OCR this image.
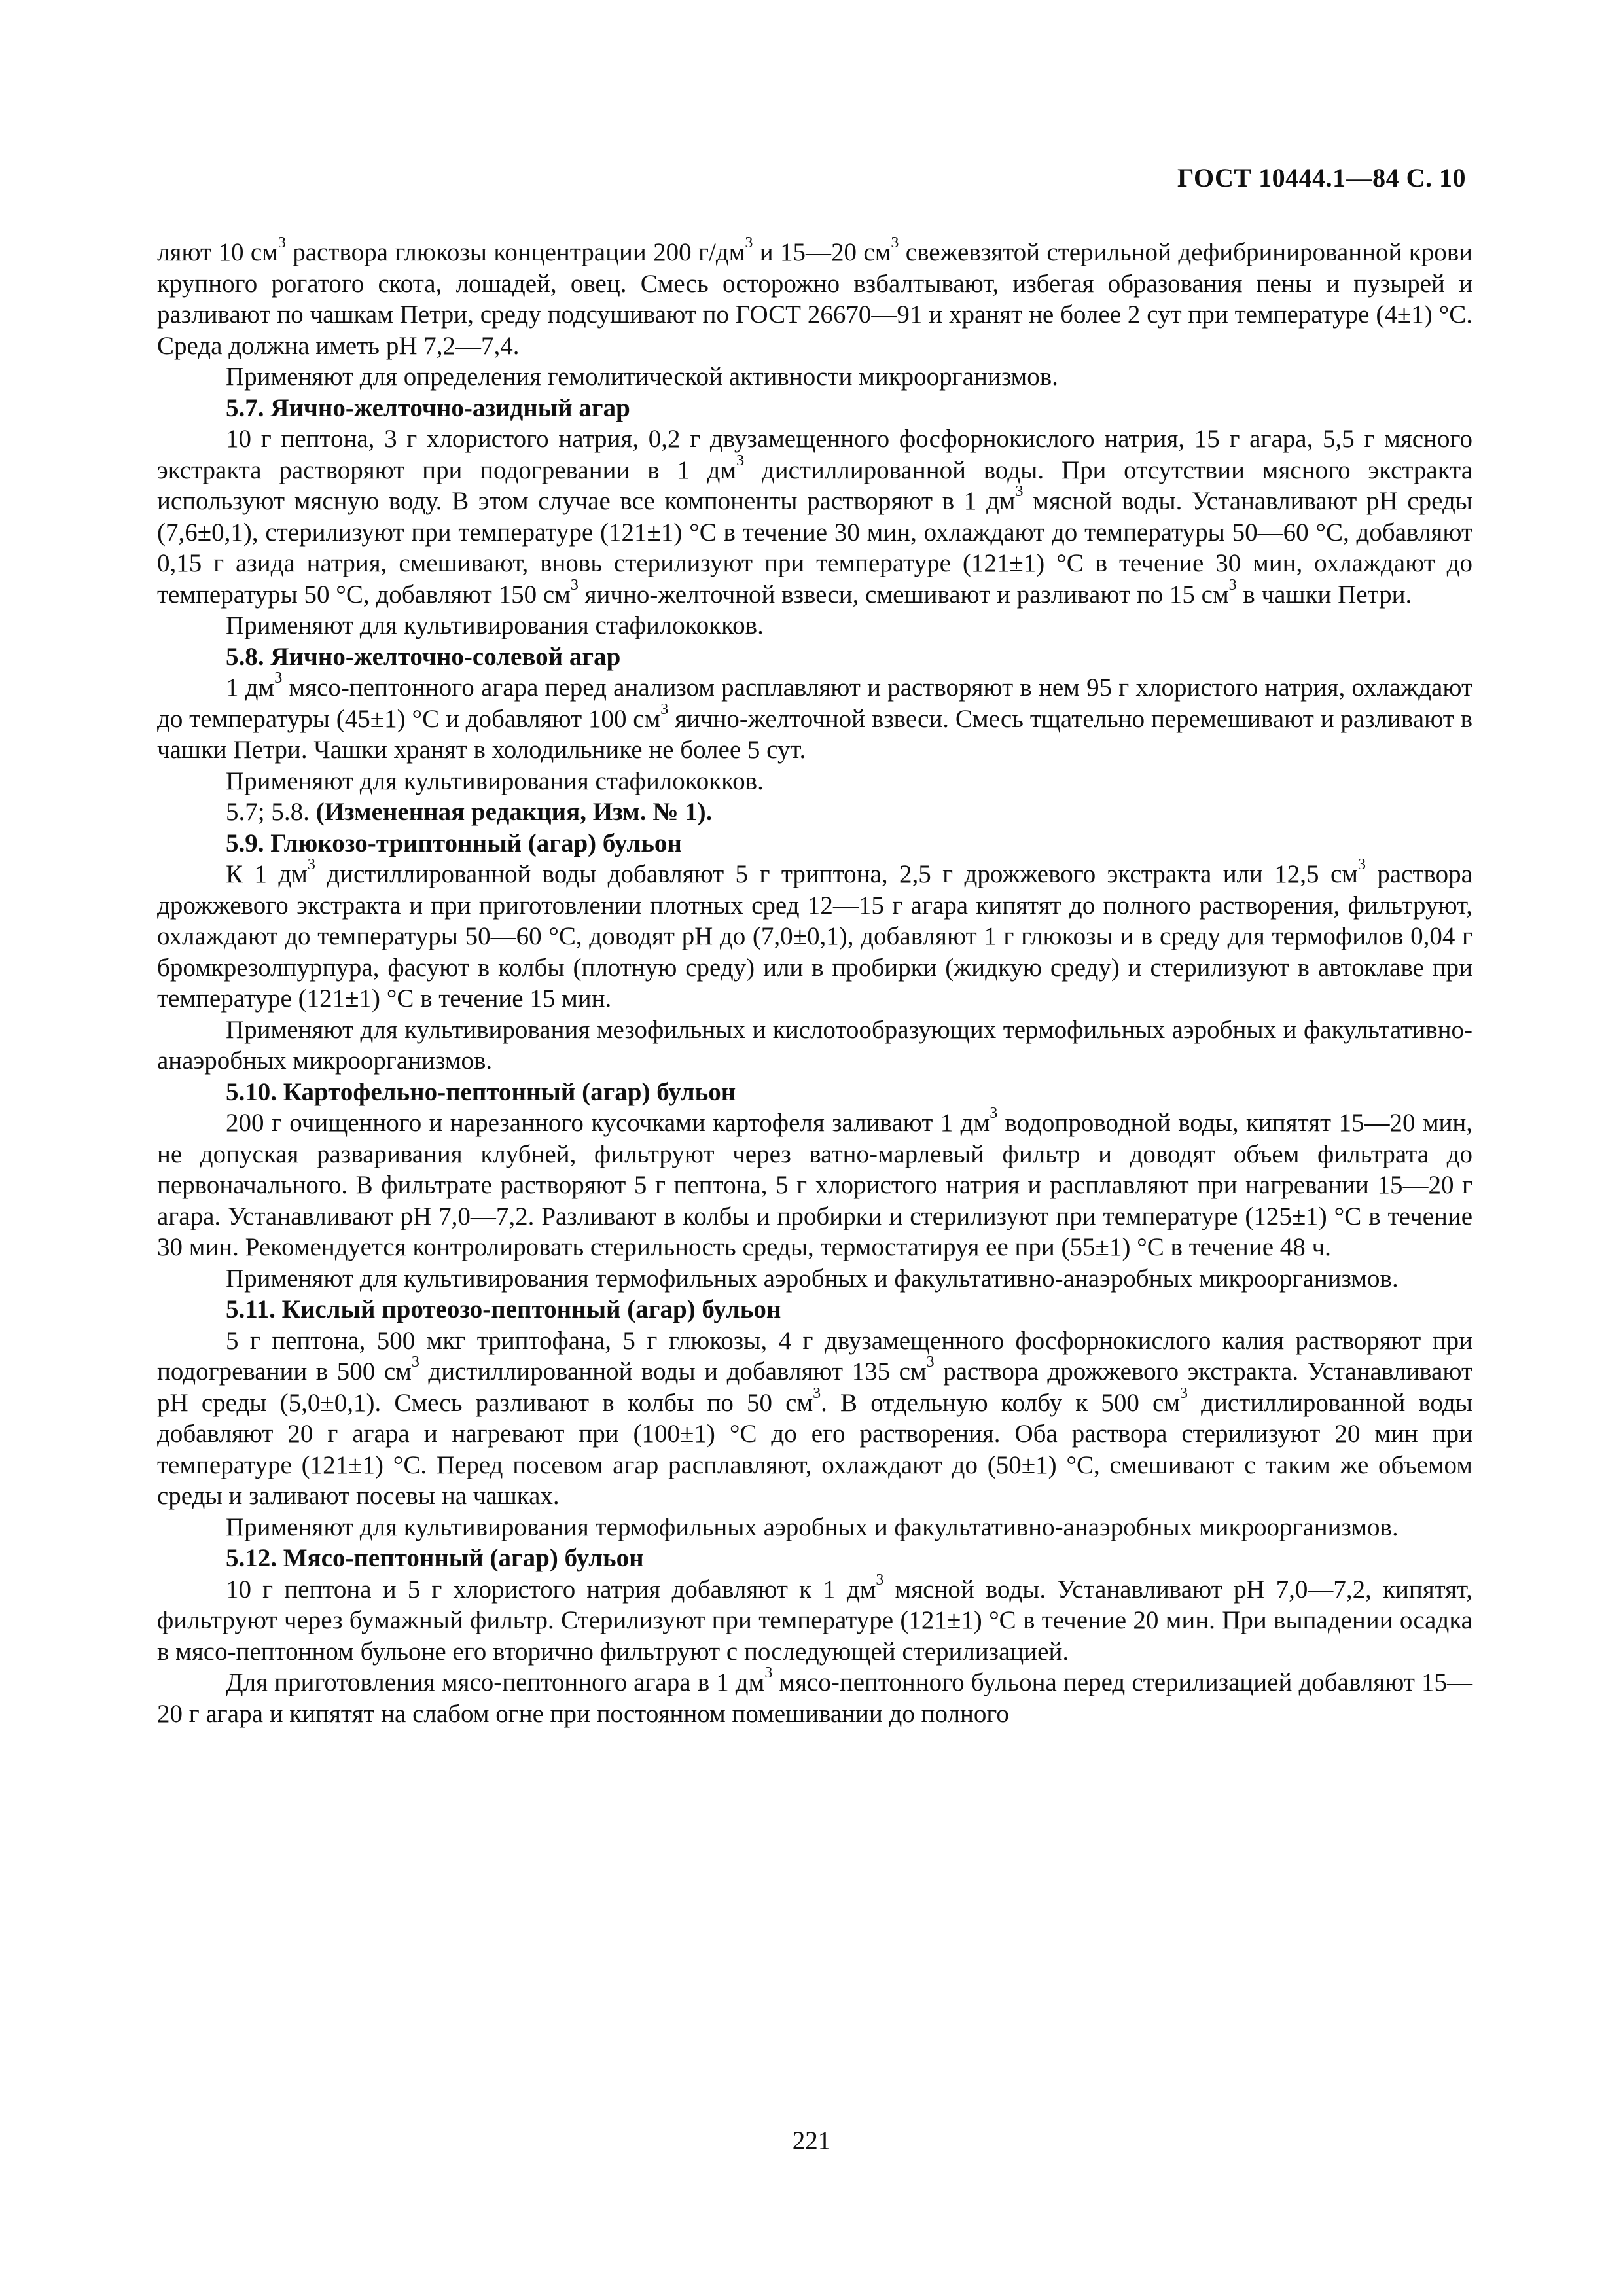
ГОСТ 10444.1—84 С. 10

ляют 10 $см^3$ раствора глюкозы концентрации 200 $г/дм^3$ и 15—20 $см^3$ свежевзятой стерильной дефибринированной крови крупного рогатого скота, лошадей, овец. Смесь осторожно взбалтывают, избегая образования пены и пузырей и разливают по чашкам Петри, среду подсушивают по ГОСТ 26670—91 и хранят не более 2 сут при температуре (4±1) °С. Среда должна иметь рН 7,2—7,4.

Применяют для определения гемолитической активности микроорганизмов.

5.7. Яично-желточно-азидный агар

10 г пептона, 3 г хлористого натрия, 0,2 г двузамещенного фосфорнокислого натрия, 15 г агара, 5,5 г мясного экстракта растворяют при подогревании в 1 $дм^3$ дистиллированной воды. При отсутствии мясного экстракта используют мясную воду. В этом случае все компоненты растворяют в 1 $дм^3$ мясной воды. Устанавливают рН среды (7,6±0,1), стерилизуют при температуре (121±1) °С в течение 30 мин, охлаждают до температуры 50—60 °С, добавляют 0,15 г азида натрия, смешивают, вновь стерилизуют при температуре (121±1) °С в течение 30 мин, охлаждают до температуры 50 °С, добавляют 150 $см^3$ яично-желточной взвеси, смешивают и разливают по 15 $см^3$ в чашки Петри.

Применяют для культивирования стафилококков.

5.8. Яично-желточно-солевой агар

1 $дм^3$ мясо-пептонного агара перед анализом расплавляют и растворяют в нем 95 г хлористого натрия, охлаждают до температуры (45±1) °С и добавляют 100 $см^3$ яично-желточной взвеси. Смесь тщательно перемешивают и разливают в чашки Петри. Чашки хранят в холодильнике не более 5 сут.

Применяют для культивирования стафилококков.

5.7; 5.8. (Измененная редакция, Изм. № 1).

5.9. Глюкозо-триптонный (агар) бульон

К 1 $дм^3$ дистиллированной воды добавляют 5 г триптона, 2,5 г дрожжевого экстракта или 12,5 $см^3$ раствора дрожжевого экстракта и при приготовлении плотных сред 12—15 г агара кипятят до полного растворения, фильтруют, охлаждают до температуры 50—60 °С, доводят рН до (7,0±0,1), добавляют 1 г глюкозы и в среду для термофилов 0,04 г бромкрезолпурпура, фасуют в колбы (плотную среду) или в пробирки (жидкую среду) и стерилизуют в автоклаве при температуре (121±1) °С в течение 15 мин.

Применяют для культивирования мезофильных и кислотообразующих термофильных аэробных и факультативно-анаэробных микроорганизмов.

5.10. Картофельно-пептонный (агар) бульон

200 г очищенного и нарезанного кусочками картофеля заливают 1 $дм^3$ водопроводной воды, кипятят 15—20 мин, не допуская разваривания клубней, фильтруют через ватно-марлевый фильтр и доводят объем фильтрата до первоначального. В фильтрате растворяют 5 г пептона, 5 г хлористого натрия и расплавляют при нагревании 15—20 г агара. Устанавливают рН 7,0—7,2. Разливают в колбы и пробирки и стерилизуют при температуре (125±1) °С в течение 30 мин. Рекомендуется контролировать стерильность среды, термостатируя ее при (55±1) °С в течение 48 ч.

Применяют для культивирования термофильных аэробных и факультативно-анаэробных микроорганизмов.

5.11. Кислый протеозо-пептонный (агар) бульон

5 г пептона, 500 мкг триптофана, 5 г глюкозы, 4 г двузамещенного фосфорнокислого калия растворяют при подогревании в 500 $см^3$ дистиллированной воды и добавляют 135 $см^3$ раствора дрожжевого экстракта. Устанавливают рН среды (5,0±0,1). Смесь разливают в колбы по 50 $см^3$. В отдельную колбу к 500 $см^3$ дистиллированной воды добавляют 20 г агара и нагревают при (100±1) °С до его растворения. Оба раствора стерилизуют 20 мин при температуре (121±1) °С. Перед посевом агар расплавляют, охлаждают до (50±1) °С, смешивают с таким же объемом среды и заливают посевы на чашках.

Применяют для культивирования термофильных аэробных и факультативно-анаэробных микроорганизмов.

5.12. Мясо-пептонный (агар) бульон

10 г пептона и 5 г хлористого натрия добавляют к 1 $дм^3$ мясной воды. Устанавливают рН 7,0—7,2, кипятят, фильтруют через бумажный фильтр. Стерилизуют при температуре (121±1) °С в течение 20 мин. При выпадении осадка в мясо-пептонном бульоне его вторично фильтруют с последующей стерилизацией.

Для приготовления мясо-пептонного агара в 1 $дм^3$ мясо-пептонного бульона перед стерилизацией добавляют 15—20 г агара и кипятят на слабом огне при постоянном помешивании до полного

221
